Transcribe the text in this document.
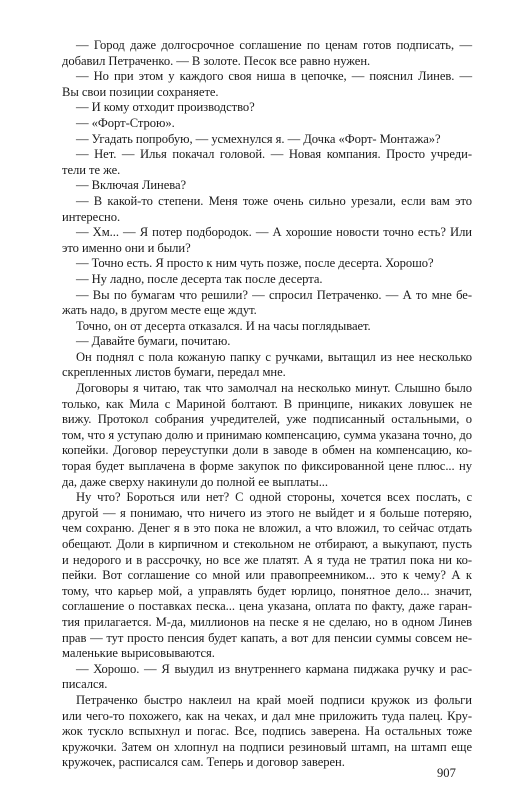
— Город даже долгосрочное соглашение по ценам готов подписать, —
добавил Петраченко. — В золоте. Песок все равно нужен.
— Но при этом у каждого своя ниша в цепочке, — пояснил Линев. —
Вы свои позиции сохраняете.
— И кому отходит производство?
— «Форт-Строю».
— Угадать попробую, — усмехнулся я. — Дочка «Форт- Монтажа»?
— Нет. — Илья покачал головой. — Новая компания. Просто учреди-
тели те же.
— Включая Линева?
— В какой-то степени. Меня тоже очень сильно урезали, если вам это
интересно.
— Хм... — Я потер подбородок. — А хорошие новости точно есть? Или
это именно они и были?
— Точно есть. Я просто к ним чуть позже, после десерта. Хорошо?
— Ну ладно, после десерта так после десерта.
— Вы по бумагам что решили? — спросил Петраченко. — А то мне бе-
жать надо, в другом месте еще ждут.
Точно, он от десерта отказался. И на часы поглядывает.
— Давайте бумаги, почитаю.
Он поднял с пола кожаную папку с ручками, вытащил из нее несколько
скрепленных листов бумаги, передал мне.
Договоры я читаю, так что замолчал на несколько минут. Слышно было
только, как Мила с Мариной болтают. В принципе, никаких ловушек не
вижу. Протокол собрания учредителей, уже подписанный остальными, о
том, что я уступаю долю и принимаю компенсацию, сумма указана точно, до
копейки. Договор переуступки доли в заводе в обмен на компенсацию, ко-
торая будет выплачена в форме закупок по фиксированной цене плюс... ну
да, даже сверху накинули до полной ее выплаты...
Ну что? Бороться или нет? С одной стороны, хочется всех послать, с
другой — я понимаю, что ничего из этого не выйдет и я больше потеряю,
чем сохраню. Денег я в это пока не вложил, а что вложил, то сейчас отдать
обещают. Доли в кирпичном и стекольном не отбирают, а выкупают, пусть
и недорого и в рассрочку, но все же платят. А я туда не тратил пока ни ко-
пейки. Вот соглашение со мной или правопреемником... это к чему? А к
тому, что карьер мой, а управлять будет юрлицо, понятное дело... значит,
соглашение о поставках песка... цена указана, оплата по факту, даже гаран-
тия прилагается. М-да, миллионов на песке я не сделаю, но в одном Линев
прав — тут просто пенсия будет капать, а вот для пенсии суммы совсем не-
маленькие вырисовываются.
— Хорошо. — Я выудил из внутреннего кармана пиджака ручку и рас-
писался.
Петраченко быстро наклеил на край моей подписи кружок из фольги
или чего-то похожего, как на чеках, и дал мне приложить туда палец. Кру-
жок тускло вспыхнул и погас. Все, подпись заверена. На остальных тоже
кружочки. Затем он хлопнул на подписи резиновый штамп, на штамп еще
кружочек, расписался сам. Теперь и договор заверен.
907
